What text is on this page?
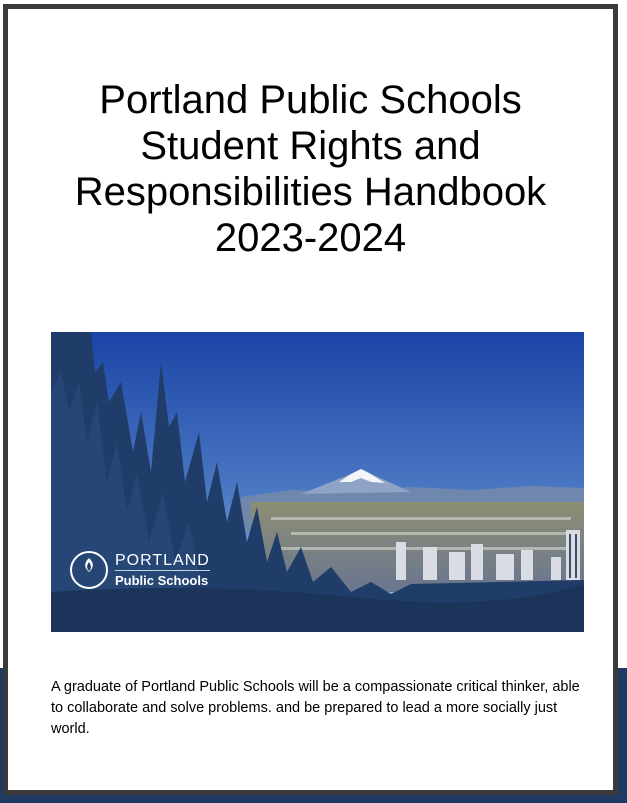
Portland Public Schools
Student Rights and
Responsibilities Handbook
2023-2024
PORTLAND
Public Schools

A graduate of Portland Public Schools will be a compassionate critical thinker, able to collaborate and solve problems. and be prepared to lead a more socially just world.
